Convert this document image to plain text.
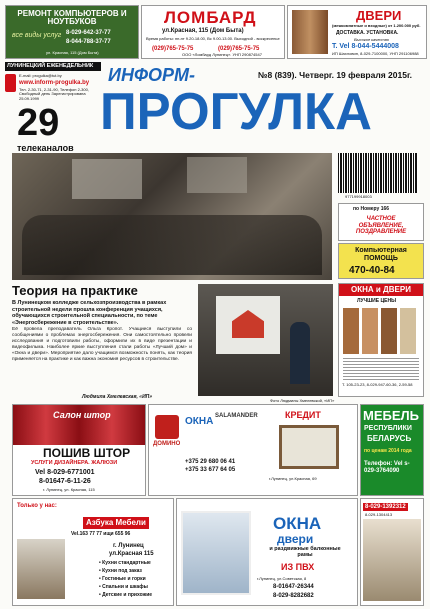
РЕМОНТ КОМПЬЮТЕРОВ И НОУТБУКОВ
все виды услуг 8-029-642-37-77
8-044-788-37-77
ул. Красная, 115 (Дом Быта)
ЛОМБАРД
ул.Красная, 115 (Дом Быта)
Время работы: пн-пт 9.20-18.00, Вс 9.00-13.00. Выходной - воскресенье
(029)765-75-75	(029)765-75-75
ООО «Ломбард Лунинец». УНП 290874547
ДВЕРИ
(межкомнатные и входные) от 1.200.000 руб.
ДОСТАВКА. УСТАНОВКА.
Высокое качество
Т. Vel 8-044-5444008
ИП Шахловин, 8-029-7100000, УНП 291106988
ЛУНИНЕЦКИЙ ЕЖЕНЕДЕЛЬНИК
E-mail: progulka@tut.by
www.inform-progulka.by
Тел. 2-30-71, 2-31-90, Телефон 2-300, Свободный день Зарегистрирована 25.09.1999
29
телеканалов
ИНФОРМ-	№8 (839). Четверг. 19 февраля 2015г.
ПРОГУЛКА
977199918003
по Номеру 166
ЧАСТНОЕ ОБЪЯВЛЕНИЕ, ПОЗДРАВЛЕНИЕ
Компьютерная ПОМОЩЬ
470-40-84
ОКНА и ДВЕРИ
ЛУЧШИЕ ЦЕНЫ
Т. 105-23-23, 8-029-947-60-36, 2-59-58
Теория на практике
В Лунинецком колледже сельхозпроизводства в рамках строительной недели прошла конференция учащихся, обучающихся строительной специальности, по теме «Энергосбережение в строительстве».
Её провела преподаватель Ольга Кропот. Учащиеся выступили со сообщениями о проблемах энергосбережения. Они самостоятельно провели исследования и подготовили работы, оформили их в виде презентации и видеофильма. Наиболее яркие выступления стали работы «Лучший дом» и «Окна и двери». Мероприятие дало учащимся возможность понять, как теория применяется на практике и как важна экономия ресурсов в строительстве.
Людмила Хмелевская, «ИП»
Фото Людмилы Хмелевской, «ИП»
Салон штор
ПОШИВ ШТОР
УСЛУГИ ДИЗАЙНЕРА. ЖАЛЮЗИ
Vel 8-029-6771001
8-01647-6-11-26
г. Лунинец, ул. Красная, 115
ДОМИНО
ОКНА SALAMANDER
+375 29 680 06 41
+375 33 677 64 05
КРЕДИТ
г.Лунинец, ул.Красная, 69
МЕБЕЛЬ
РЕСПУБЛИКИ
БЕЛАРУСЬ
по ценам 2014 года
Телефон: Vel s-029-3764090
Только у нас:
Азбука Мебели
Vel.163 77 77 ищи 655 96
г. Лунинец
ул.Красная 115
• Кухни стандартные
• Кухни под заказ
• Гостиные и горки
• Спальни и шкафы
• Детские и прихожие
ОКНА
двери
и раздвижные балконные рамы
ИЗ ПВХ
г.Лунинец, ул.Советская, 8
8-01647-26344
8-029-8282682
8-029-1392312
8-029-1304413
